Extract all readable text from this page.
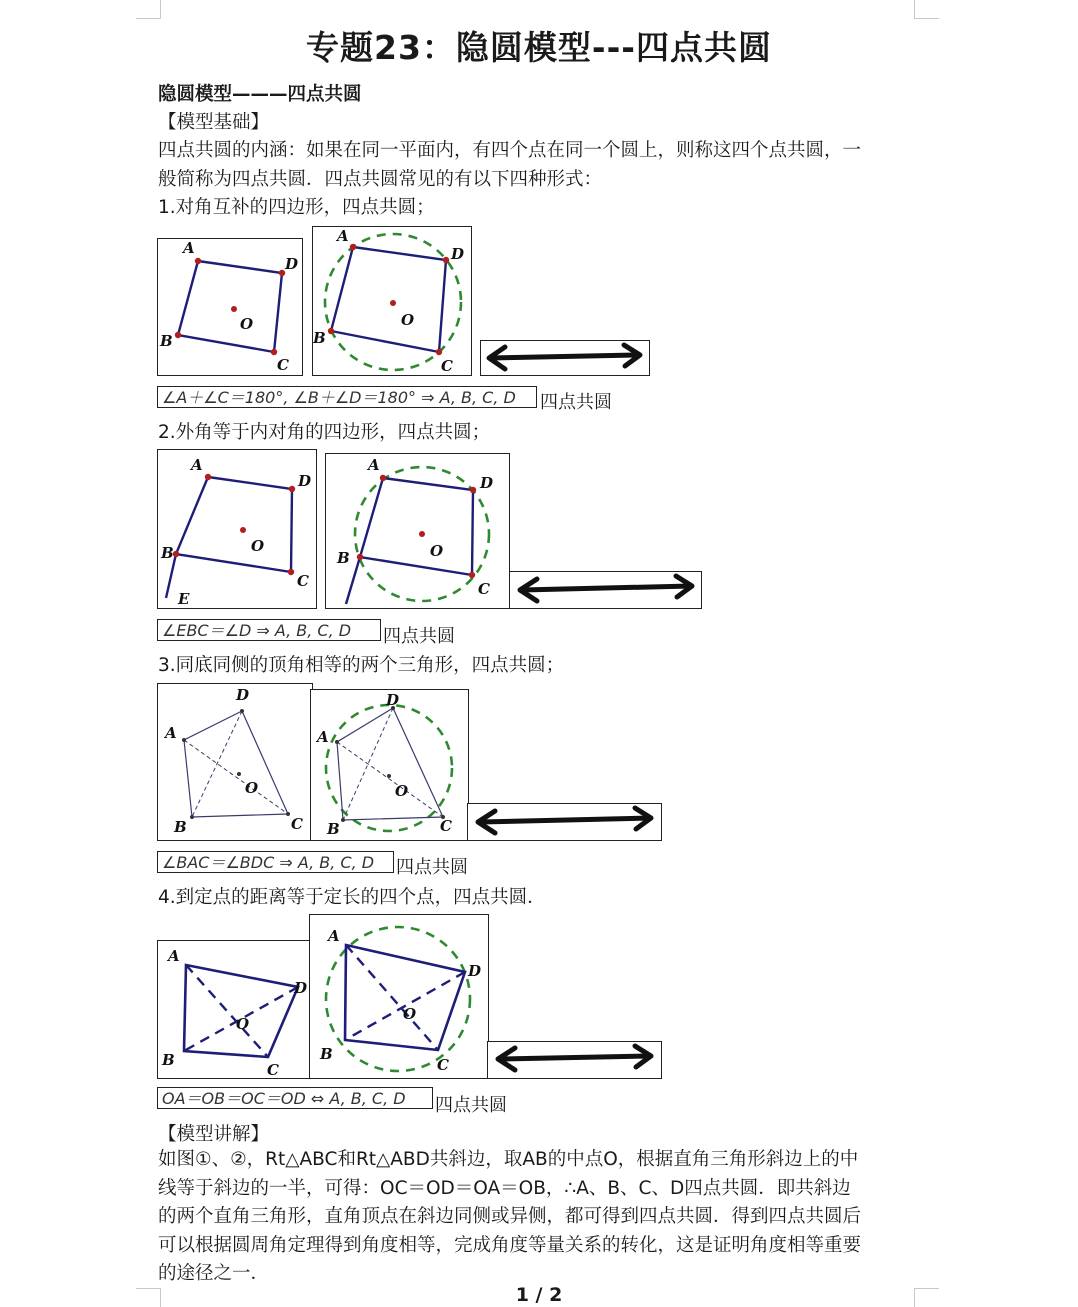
专题23：隐圆模型---四点共圆
隐圆模型———四点共圆
【模型基础】
四点共圆的内涵：如果在同一平面内，有四个点在同一个圆上，则称这四个点共圆，一
般简称为四点共圆．四点共圆常见的有以下四种形式：
1.对角互补的四边形，四点共圆；
A
D
C
B
O
A
D
C
B
O
∠A＋∠C＝180°, ∠B＋∠D＝180° ⇒ A, B, C, D	四点共圆
2.外角等于内对角的四边形，四点共圆；
A
D
C
B	O
E
A
D
C
B	O
∠EBC＝∠D ⇒ A, B, C, D	四点共圆
3.同底同侧的顶角相等的两个三角形，四点共圆；
D
A
B	C
O
D
A
B	C
O
∠BAC＝∠BDC ⇒ A, B, C, D	四点共圆
4.到定点的距离等于定长的四个点，四点共圆．
A
D
C
B
O
A
D
C
B
O
OA＝OB＝OC＝OD ⇔ A, B, C, D	四点共圆
【模型讲解】
如图①、②，Rt△ABC和Rt△ABD共斜边，取AB的中点O，根据直角三角形斜边上的中
线等于斜边的一半，可得：OC＝OD＝OA＝OB，∴A、B、C、D四点共圆．即共斜边
的两个直角三角形，直角顶点在斜边同侧或异侧，都可得到四点共圆．得到四点共圆后
可以根据圆周角定理得到角度相等，完成角度等量关系的转化，这是证明角度相等重要
的途径之一．
1 / 2
